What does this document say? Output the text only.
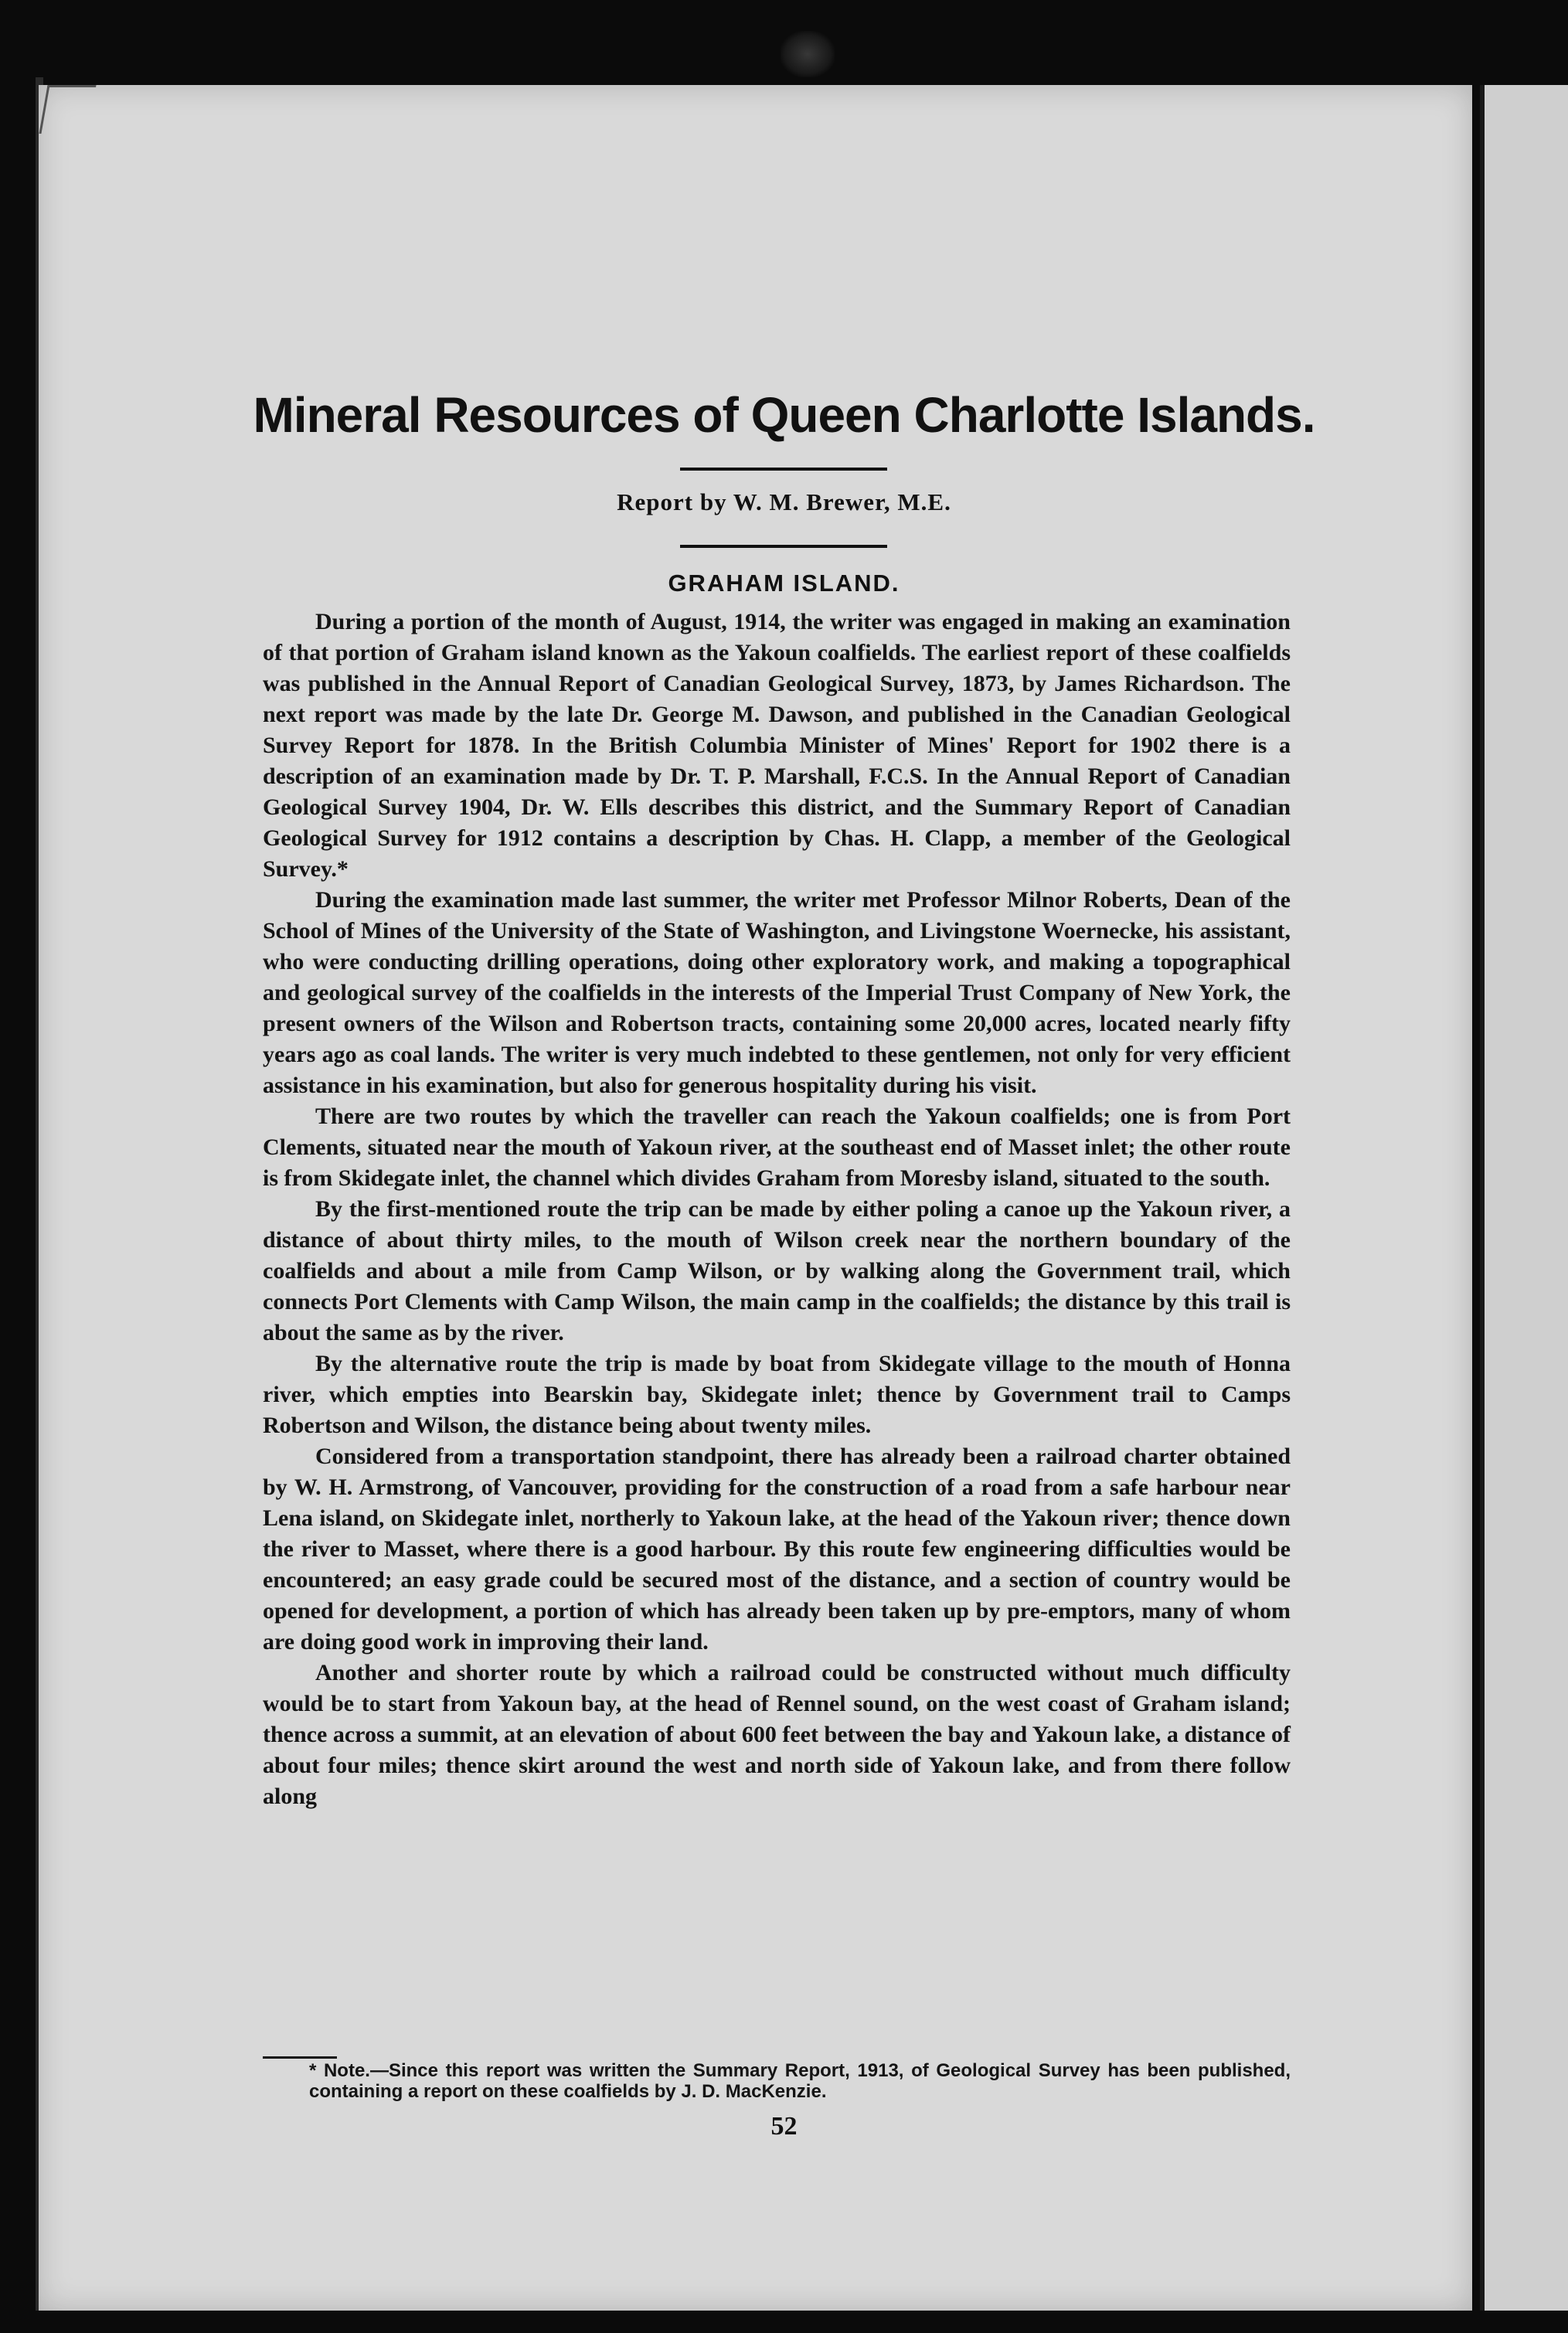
Mineral Resources of Queen Charlotte Islands.
Report by W. M. Brewer, M.E.
GRAHAM ISLAND.

During a portion of the month of August, 1914, the writer was engaged in making an examination of that portion of Graham island known as the Yakoun coalfields. The earliest report of these coalfields was published in the Annual Report of Canadian Geological Survey, 1873, by James Richardson. The next report was made by the late Dr. George M. Dawson, and published in the Canadian Geological Survey Report for 1878. In the British Columbia Minister of Mines' Report for 1902 there is a description of an examination made by Dr. T. P. Marshall, F.C.S. In the Annual Report of Canadian Geological Survey 1904, Dr. W. Ells describes this district, and the Summary Report of Canadian Geological Survey for 1912 contains a description by Chas. H. Clapp, a member of the Geological Survey.*

During the examination made last summer, the writer met Professor Milnor Roberts, Dean of the School of Mines of the University of the State of Washington, and Livingstone Woernecke, his assistant, who were conducting drilling operations, doing other exploratory work, and making a topographical and geological survey of the coalfields in the interests of the Imperial Trust Company of New York, the present owners of the Wilson and Robertson tracts, containing some 20,000 acres, located nearly fifty years ago as coal lands. The writer is very much indebted to these gentlemen, not only for very efficient assistance in his examination, but also for generous hospitality during his visit.

There are two routes by which the traveller can reach the Yakoun coalfields; one is from Port Clements, situated near the mouth of Yakoun river, at the southeast end of Masset inlet; the other route is from Skidegate inlet, the channel which divides Graham from Moresby island, situated to the south.

By the first-mentioned route the trip can be made by either poling a canoe up the Yakoun river, a distance of about thirty miles, to the mouth of Wilson creek near the northern boundary of the coalfields and about a mile from Camp Wilson, or by walking along the Government trail, which connects Port Clements with Camp Wilson, the main camp in the coalfields; the distance by this trail is about the same as by the river.

By the alternative route the trip is made by boat from Skidegate village to the mouth of Honna river, which empties into Bearskin bay, Skidegate inlet; thence by Government trail to Camps Robertson and Wilson, the distance being about twenty miles.

Considered from a transportation standpoint, there has already been a railroad charter obtained by W. H. Armstrong, of Vancouver, providing for the construction of a road from a safe harbour near Lena island, on Skidegate inlet, northerly to Yakoun lake, at the head of the Yakoun river; thence down the river to Masset, where there is a good harbour. By this route few engineering difficulties would be encountered; an easy grade could be secured most of the distance, and a section of country would be opened for development, a portion of which has already been taken up by pre-emptors, many of whom are doing good work in improving their land.

Another and shorter route by which a railroad could be constructed without much difficulty would be to start from Yakoun bay, at the head of Rennel sound, on the west coast of Graham island; thence across a summit, at an elevation of about 600 feet between the bay and Yakoun lake, a distance of about four miles; thence skirt around the west and north side of Yakoun lake, and from there follow along

* Note.—Since this report was written the Summary Report, 1913, of Geological Survey has been published, containing a report on these coalfields by J. D. MacKenzie.
52
